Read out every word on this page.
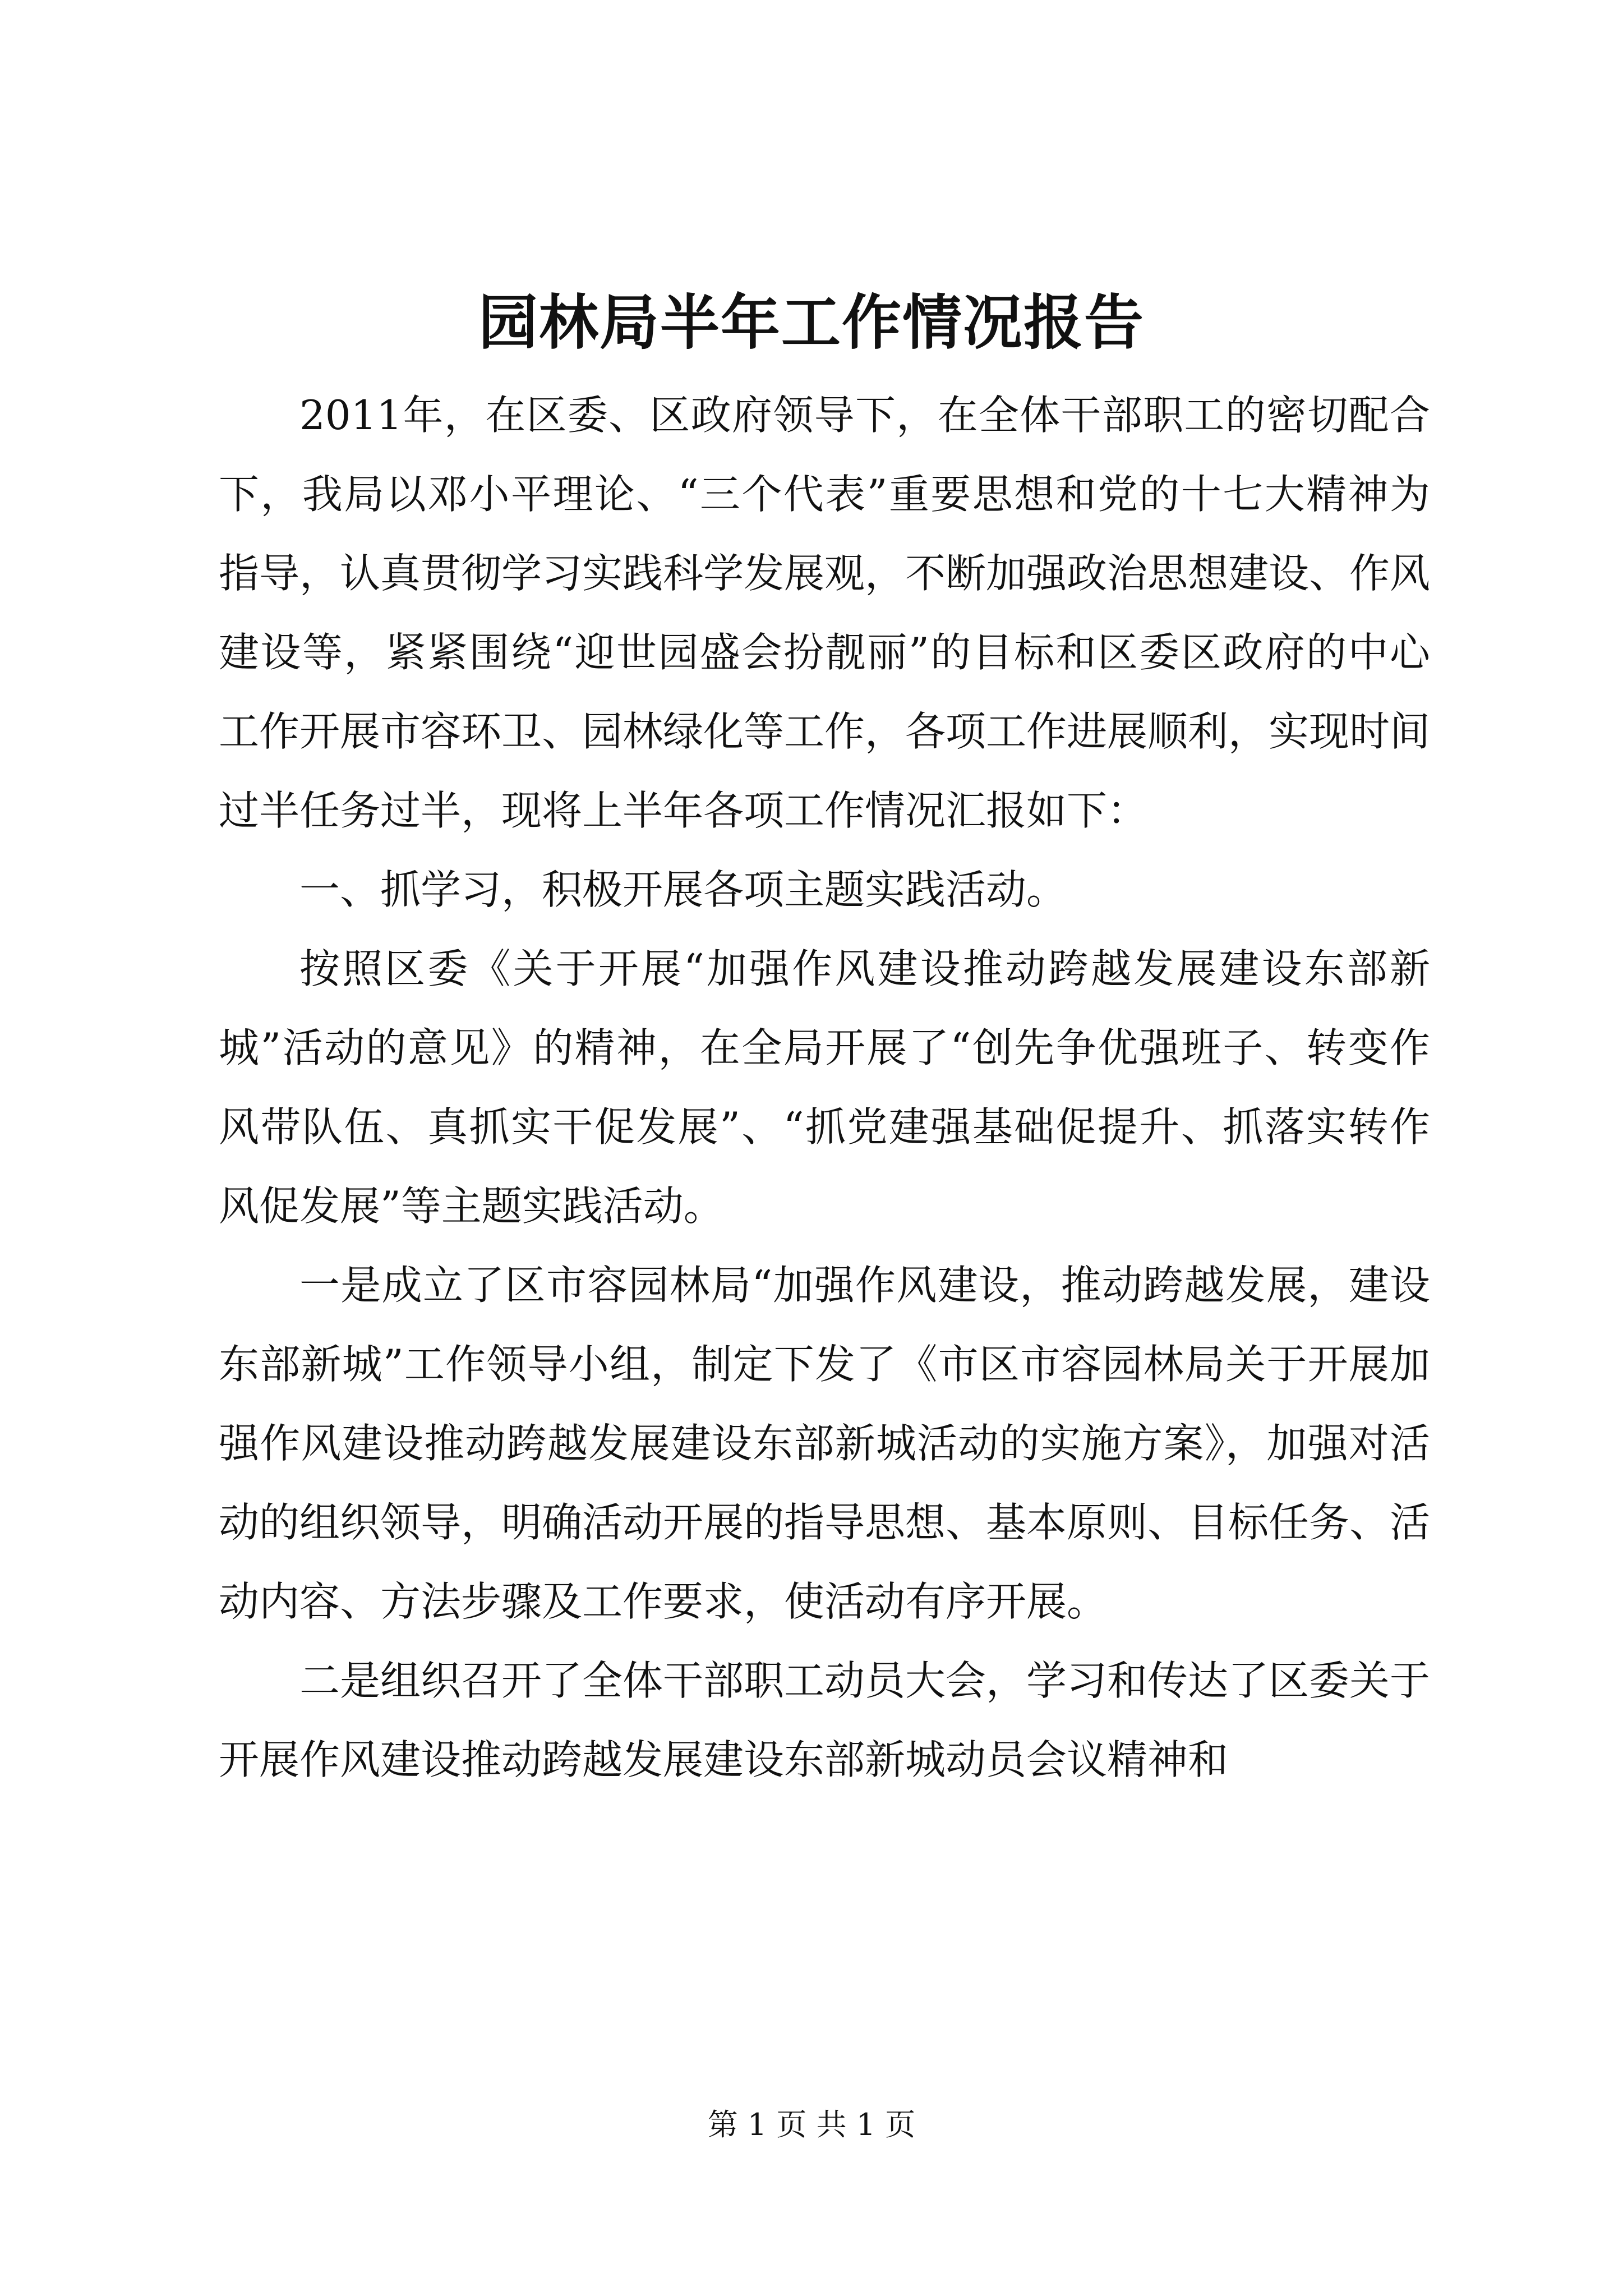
园林局半年工作情况报告

2011年，在区委、区政府领导下，在全体干部职工的密切配合下，我局以邓小平理论、“三个代表”重要思想和党的十七大精神为指导，认真贯彻学习实践科学发展观，不断加强政治思想建设、作风建设等，紧紧围绕“迎世园盛会扮靓丽”的目标和区委区政府的中心工作开展市容环卫、园林绿化等工作，各项工作进展顺利，实现时间过半任务过半，现将上半年各项工作情况汇报如下：

一、抓学习，积极开展各项主题实践活动。

按照区委《关于开展“加强作风建设推动跨越发展建设东部新城”活动的意见》的精神，在全局开展了“创先争优强班子、转变作风带队伍、真抓实干促发展”、“抓党建强基础促提升、抓落实转作风促发展”等主题实践活动。

一是成立了区市容园林局“加强作风建设，推动跨越发展，建设东部新城”工作领导小组，制定下发了《市区市容园林局关于开展加强作风建设推动跨越发展建设东部新城活动的实施方案》，加强对活动的组织领导，明确活动开展的指导思想、基本原则、目标任务、活动内容、方法步骤及工作要求，使活动有序开展。

二是组织召开了全体干部职工动员大会，学习和传达了区委关于开展作风建设推动跨越发展建设东部新城动员会议精神和

第 1 页 共 1 页
